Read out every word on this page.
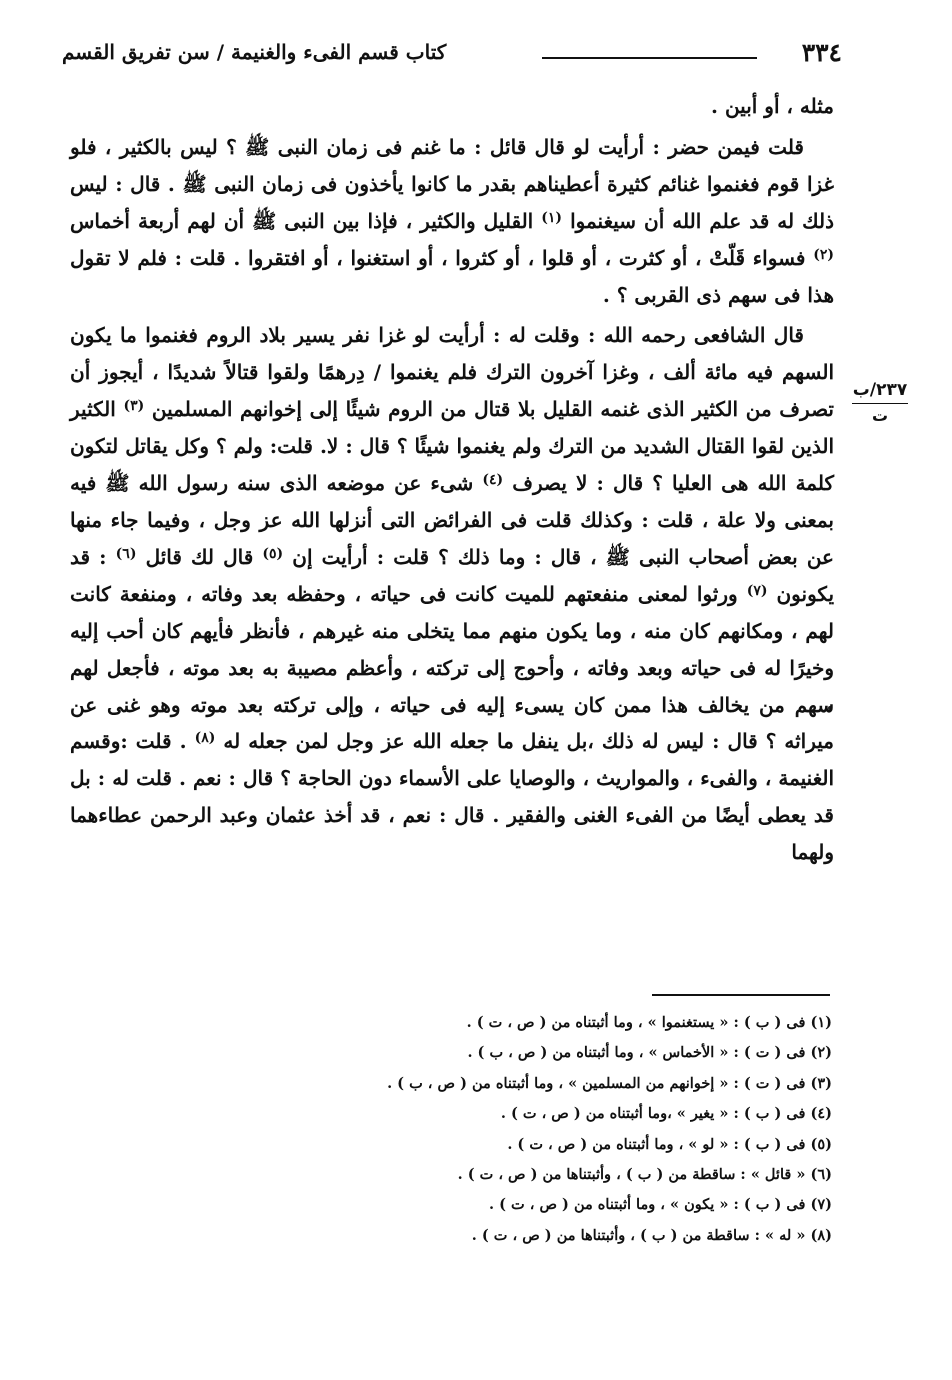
٣٣٤
كتاب قسم الفىء والغنيمة / سن تفريق القسم
٢٣٧/ب
ت

مثله ، أو أبين .

قلت فيمن حضر : أرأيت لو قال قائل : ما غنم فى زمان النبى ﷺ ؟ ليس بالكثير ، فلو غزا قوم فغنموا غنائم كثيرة أعطيناهم بقدر ما كانوا يأخذون فى زمان النبى ﷺ . قال : ليس ذلك له قد علم الله أن سيغنموا $^{(١)}$ القليل والكثير ، فإذا بين النبى ﷺ أن لهم أربعة أخماس $^{(٢)}$ فسواء قَلّتْ ، أو كثرت ، أو قلوا ، أو كثروا ، أو استغنوا ، أو افتقروا . قلت : فلم لا تقول هذا فى سهم ذى القربى ؟ .

قال الشافعى رحمه الله : وقلت له : أرأيت لو غزا نفر يسير بلاد الروم فغنموا ما يكون السهم فيه مائة ألف ، وغزا آخرون الترك فلم يغنموا / دِرهمًا ولقوا قتالاً شديدًا ، أيجوز أن تصرف من الكثير الذى غنمه القليل بلا قتال من الروم شيئًا إلى إخوانهم المسلمين $^{(٣)}$ الكثير الذين لقوا القتال الشديد من الترك ولم يغنموا شيئًا ؟ قال : لا. قلت: ولم ؟ وكل يقاتل لتكون كلمة الله هى العليا ؟ قال : لا يصرف $^{(٤)}$ شىء عن موضعه الذى سنه رسول الله ﷺ فيه بمعنى ولا علة ، قلت : وكذلك قلت فى الفرائض التى أنزلها الله عز وجل ، وفيما جاء منها عن بعض أصحاب النبى ﷺ ، قال : وما ذلك ؟ قلت : أرأيت إن $^{(٥)}$ قال لك قائل $^{(٦)}$ : قد يكونون $^{(٧)}$ ورثوا لمعنى منفعتهم للميت كانت فى حياته ، وحفظه بعد وفاته ، ومنفعة كانت لهم ، ومكانهم كان منه ، وما يكون منهم مما يتخلى منه غيرهم ، فأنظر فأيهم كان أحب إليه وخيرًا له فى حياته وبعد وفاته ، وأحوج إلى تركته ، وأعظم مصيبة به بعد موته ، فأجعل لهم سهم من يخالف هذا ممن كان يسىء إليه فى حياته ، وإلى تركته بعد موته وهو غنى عن ميراثه ؟ قال : ليس له ذلك ،بل ينفل ما جعله الله عز وجل لمن جعله له $^{(٨)}$ . قلت :وقسم الغنيمة ، والفىء ، والمواريث ، والوصايا على الأسماء دون الحاجة ؟ قال : نعم . قلت له : بل قد يعطى أيضًا من الفىء الغنى والفقير . قال : نعم ، قد أخذ عثمان وعبد الرحمن عطاءهما ولهما

(١) فى ( ب ) : « يستغنموا » ، وما أثبتناه من ( ص ، ت ) .
(٢) فى ( ت ) : « الأخماس » ، وما أثبتناه من ( ص ، ب ) .
(٣) فى ( ت ) : « إخوانهم من المسلمين » ، وما أثبتناه من ( ص ، ب ) .
(٤) فى ( ب ) : « يغير » ،وما أثبتناه من ( ص ، ت ) .
(٥) فى ( ب ) : « لو » ، وما أثبتناه من ( ص ، ت ) .
(٦) « قائل » : ساقطة من ( ب ) ، وأثبتناها من ( ص ، ت ) .
(٧) فى ( ب ) : « يكون » ، وما أثبتناه من ( ص ، ت ) .
(٨) « له » : ساقطة من ( ب ) ، وأثبتناها من ( ص ، ت ) .
